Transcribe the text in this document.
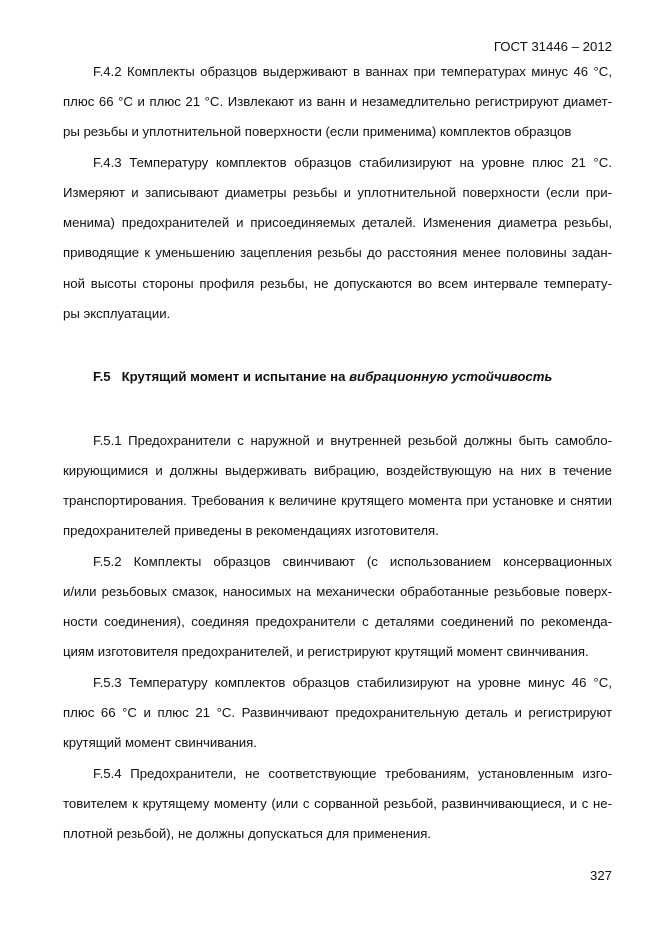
ГОСТ 31446 – 2012
F.4.2 Комплекты образцов выдерживают в ваннах при температурах минус 46 °С,
плюс 66 °С и плюс 21 °С. Извлекают из ванн и незамедлительно регистрируют диамет-
ры резьбы и уплотнительной поверхности (если применима) комплектов образцов
F.4.3 Температуру комплектов образцов стабилизируют на уровне плюс 21 °С.
Измеряют и записывают диаметры резьбы и уплотнительной поверхности (если при-
менима) предохранителей и присоединяемых деталей. Изменения диаметра резьбы,
приводящие к уменьшению зацепления резьбы до расстояния менее половины задан-
ной высоты стороны профиля резьбы, не допускаются во всем интервале температу-
ры эксплуатации.
F.5 Крутящий момент и испытание на вибрационную устойчивость
F.5.1 Предохранители с наружной и внутренней резьбой должны быть самобло-
кирующимися и должны выдерживать вибрацию, воздействующую на них в течение
транспортирования. Требования к величине крутящего момента при установке и снятии
предохранителей приведены в рекомендациях изготовителя.
F.5.2 Комплекты образцов свинчивают (с использованием консервационных
и/или резьбовых смазок, наносимых на механически обработанные резьбовые поверх-
ности соединения), соединяя предохранители с деталями соединений по рекоменда-
циям изготовителя предохранителей, и регистрируют крутящий момент свинчивания.
F.5.3 Температуру комплектов образцов стабилизируют на уровне минус 46 °С,
плюс 66 °С и плюс 21 °С. Развинчивают предохранительную деталь и регистрируют
крутящий момент свинчивания.
F.5.4 Предохранители, не соответствующие требованиям, установленным изго-
товителем к крутящему моменту (или с сорванной резьбой, развинчивающиеся, и с не-
плотной резьбой), не должны допускаться для применения.
327
